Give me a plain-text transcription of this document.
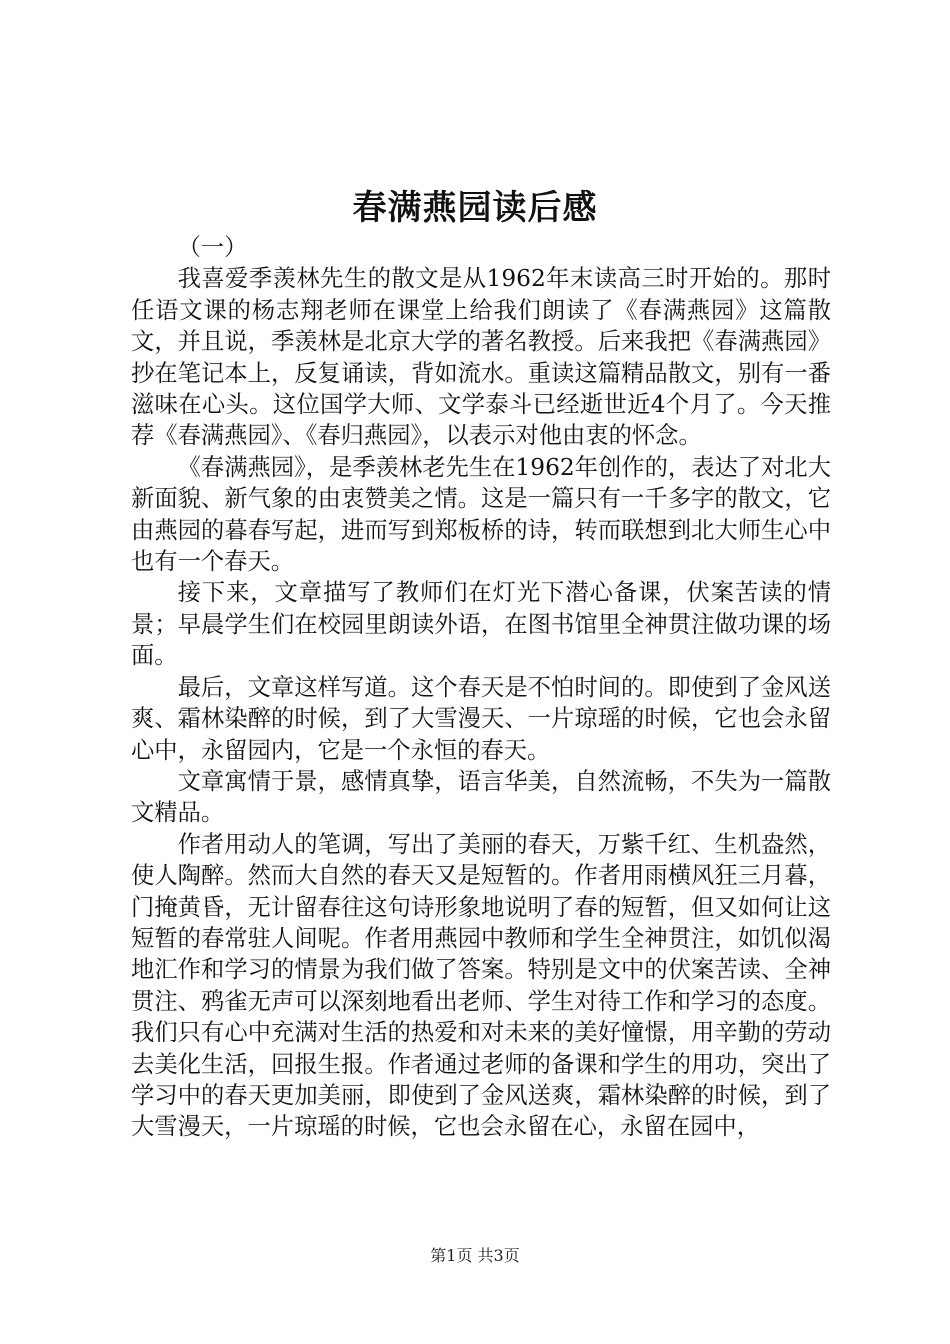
春满燕园读后感

（一）

我喜爱季羡林先生的散文是从1962年末读高三时开始的。那时任语文课的杨志翔老师在课堂上给我们朗读了《春满燕园》这篇散文，并且说，季羡林是北京大学的著名教授。后来我把《春满燕园》抄在笔记本上，反复诵读，背如流水。重读这篇精品散文，别有一番滋味在心头。这位国学大师、文学泰斗已经逝世近4个月了。今天推荐《春满燕园》、《春归燕园》，以表示对他由衷的怀念。

《春满燕园》，是季羡林老先生在1962年创作的，表达了对北大新面貌、新气象的由衷赞美之情。这是一篇只有一千多字的散文，它由燕园的暮春写起，进而写到郑板桥的诗，转而联想到北大师生心中也有一个春天。

接下来，文章描写了教师们在灯光下潜心备课，伏案苦读的情景；早晨学生们在校园里朗读外语，在图书馆里全神贯注做功课的场面。

最后，文章这样写道。这个春天是不怕时间的。即使到了金风送爽、霜林染醉的时候，到了大雪漫天、一片琼瑶的时候，它也会永留心中，永留园内，它是一个永恒的春天。

文章寓情于景，感情真挚，语言华美，自然流畅，不失为一篇散文精品。

作者用动人的笔调，写出了美丽的春天，万紫千红、生机盎然，使人陶醉。然而大自然的春天又是短暂的。作者用雨横风狂三月暮，门掩黄昏，无计留春往这句诗形象地说明了春的短暂，但又如何让这短暂的春常驻人间呢。作者用燕园中教师和学生全神贯注，如饥似渴地汇作和学习的情景为我们做了答案。特别是文中的伏案苦读、全神贯注、鸦雀无声可以深刻地看出老师、学生对待工作和学习的态度。我们只有心中充满对生活的热爱和对未来的美好憧憬，用辛勤的劳动去美化生活，回报生报。作者通过老师的备课和学生的用功，突出了学习中的春天更加美丽，即使到了金风送爽，霜林染醉的时候，到了大雪漫天，一片琼瑶的时候，它也会永留在心，永留在园中，

第1页 共3页
